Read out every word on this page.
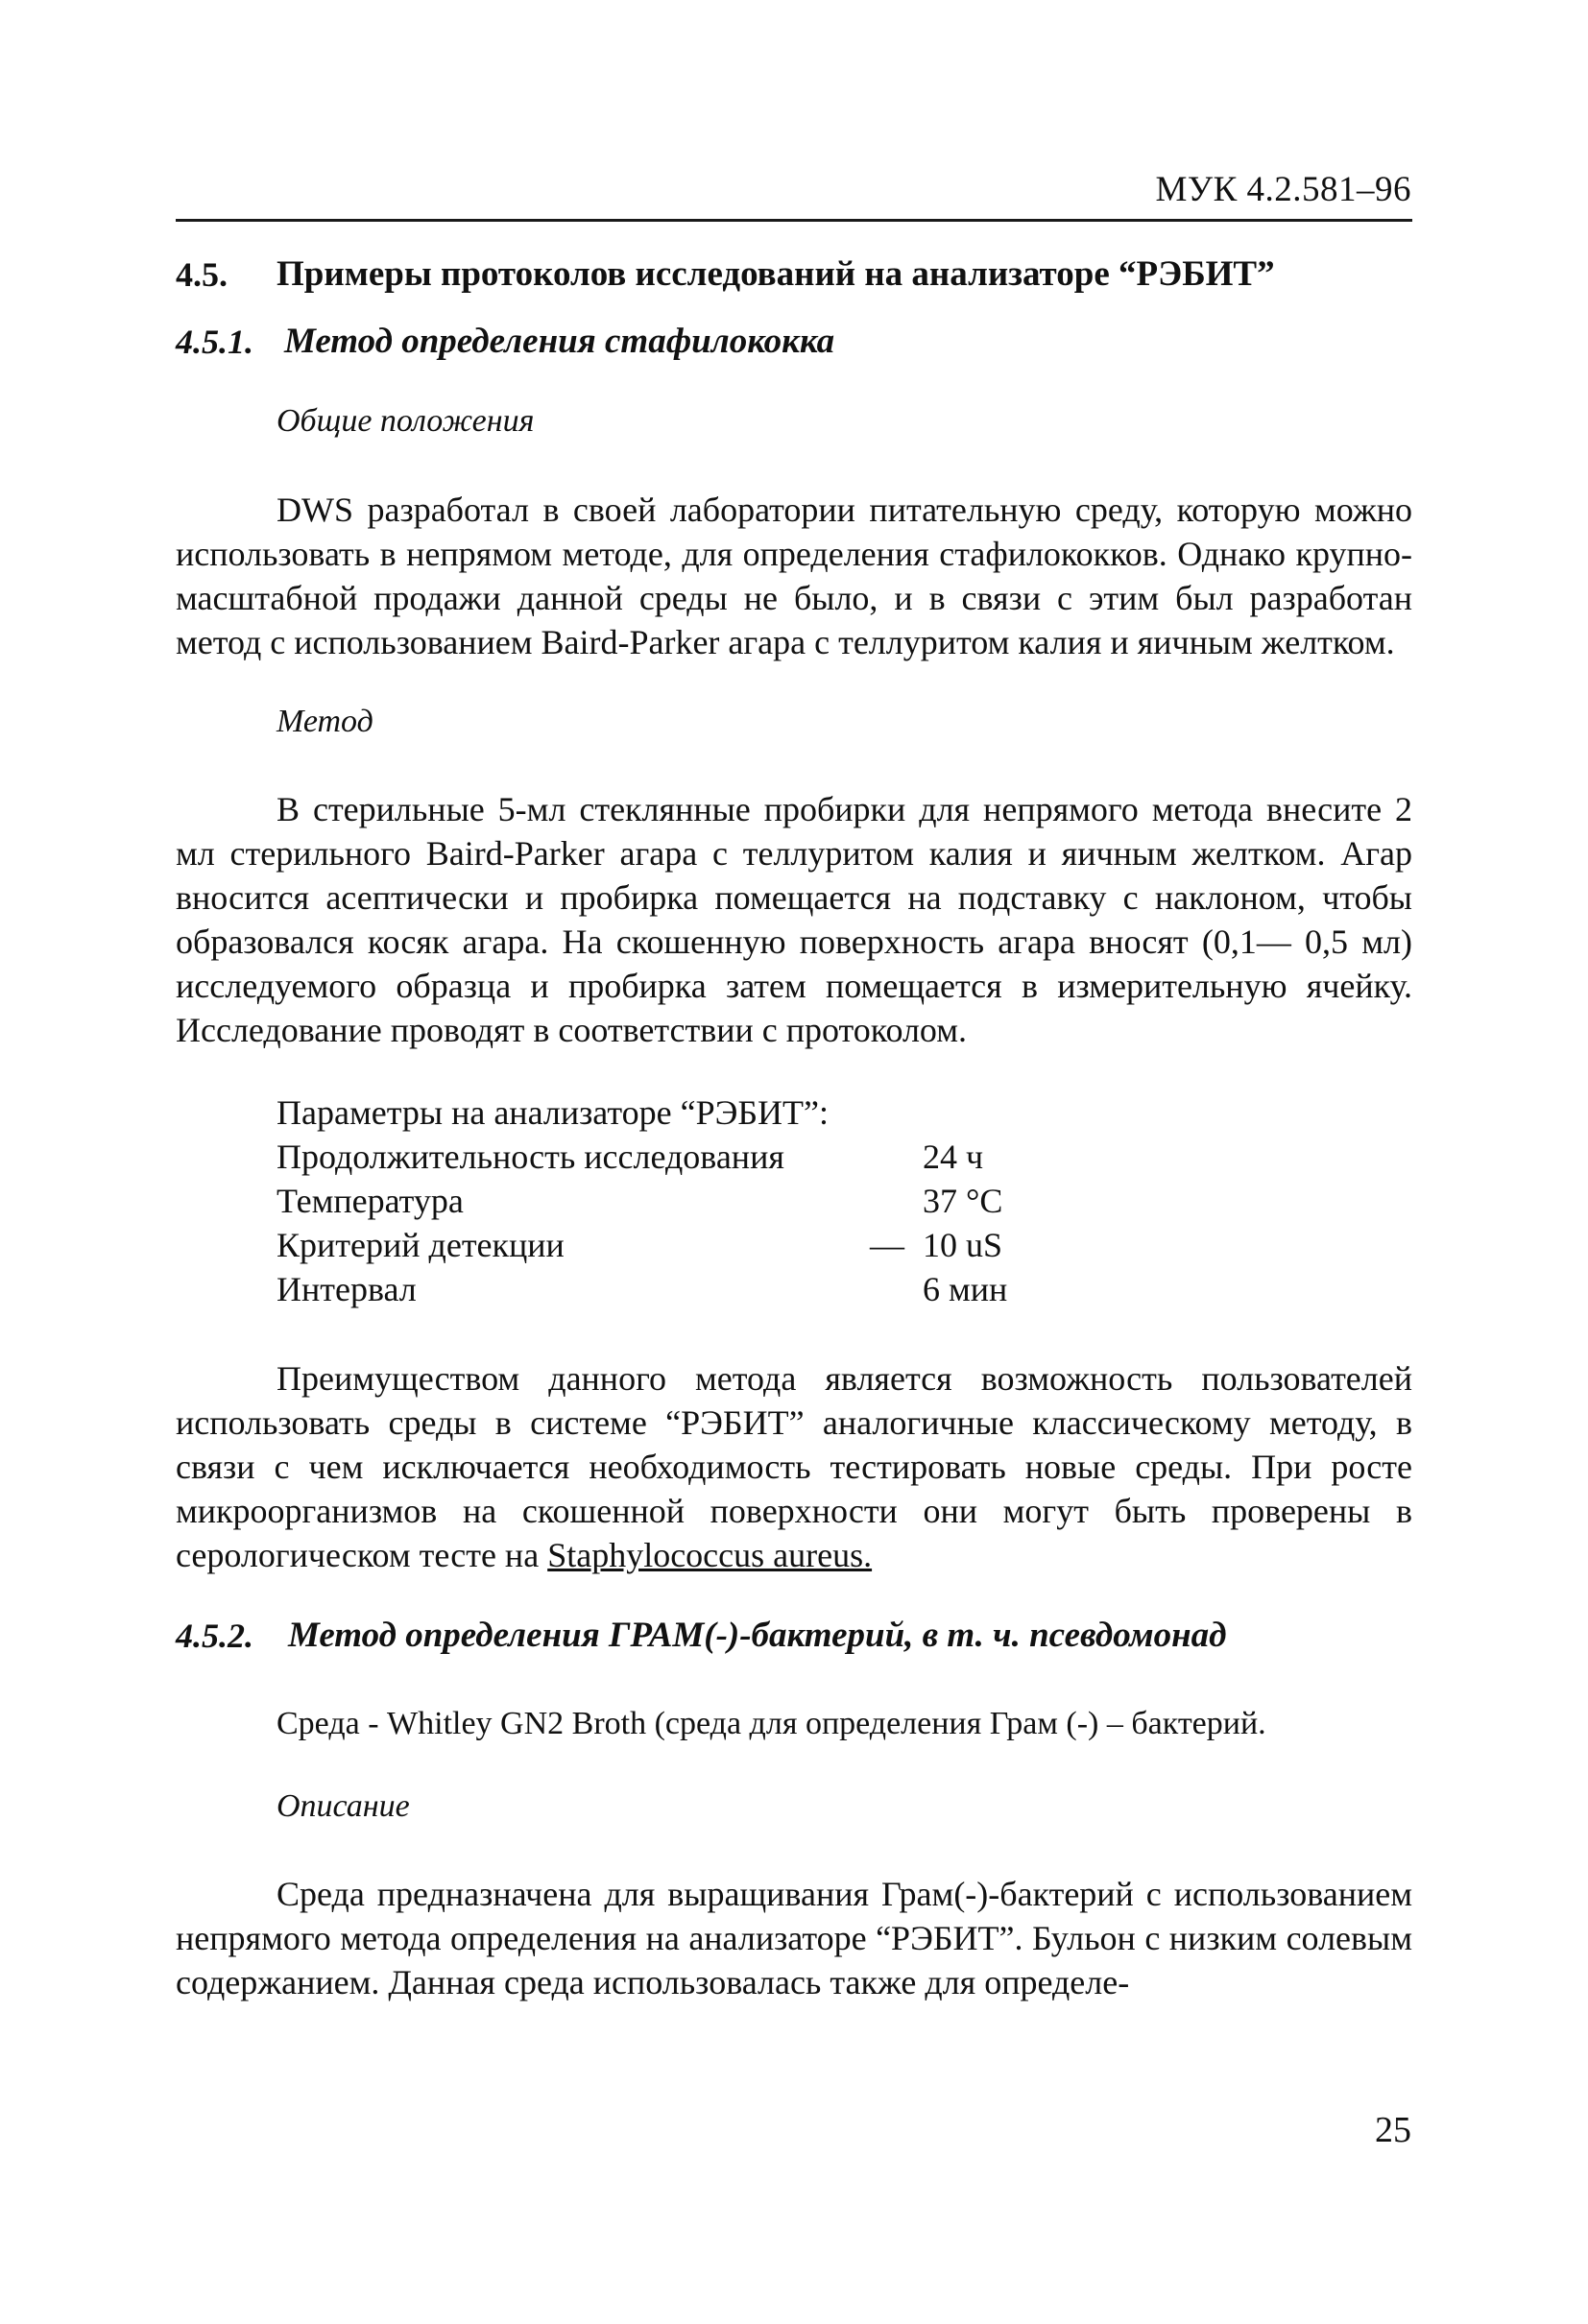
МУК 4.2.581–96
4.5. Примеры протоколов исследований на анализаторе “РЭБИТ”
4.5.1. Метод определения стафилококка
Общие положения

DWS разработал в своей лаборатории питательную среду, которую можно использовать в непрямом методе, для определения стафилококков. Однако крупно-масштабной продажи данной среды не было, и в связи с этим был разработан метод с использованием Baird-Parker агара с теллуритом калия и яичным желтком.

Метод

В стерильные 5-мл стеклянные пробирки для непрямого метода внесите 2 мл стерильного Baird-Parker агара с теллуритом калия и яичным желтком. Агар вносится асептически и пробирка помещается на подставку с наклоном, чтобы образовался косяк агара. На скошенную поверхность агара вносят (0,1— 0,5 мл) исследуемого образца и пробирка затем помещается в измерительную ячейку. Исследование проводят в соответствии с протоколом.

Параметры на анализаторе “РЭБИТ”:
Продолжительность исследования	24 ч
Температура	37 °C
Критерий детекции	— 10 uS
Интервал	6 мин

Преимуществом данного метода является возможность пользователей использовать среды в системе “РЭБИТ” аналогичные классическому методу, в связи с чем исключается необходимость тестировать новые среды. При росте микроорганизмов на скошенной поверхности они могут быть проверены в серологическом тесте на Staphylococcus aureus.

4.5.2. Метод определения ГРАМ(-)-бактерий, в т. ч. псевдомонад
Среда - Whitley GN2 Broth (среда для определения Грам (-) – бактерий.
Описание

Среда предназначена для выращивания Грам(-)-бактерий с использованием непрямого метода определения на анализаторе “РЭБИТ”. Бульон с низким солевым содержанием. Данная среда использовалась также для определе-

25
